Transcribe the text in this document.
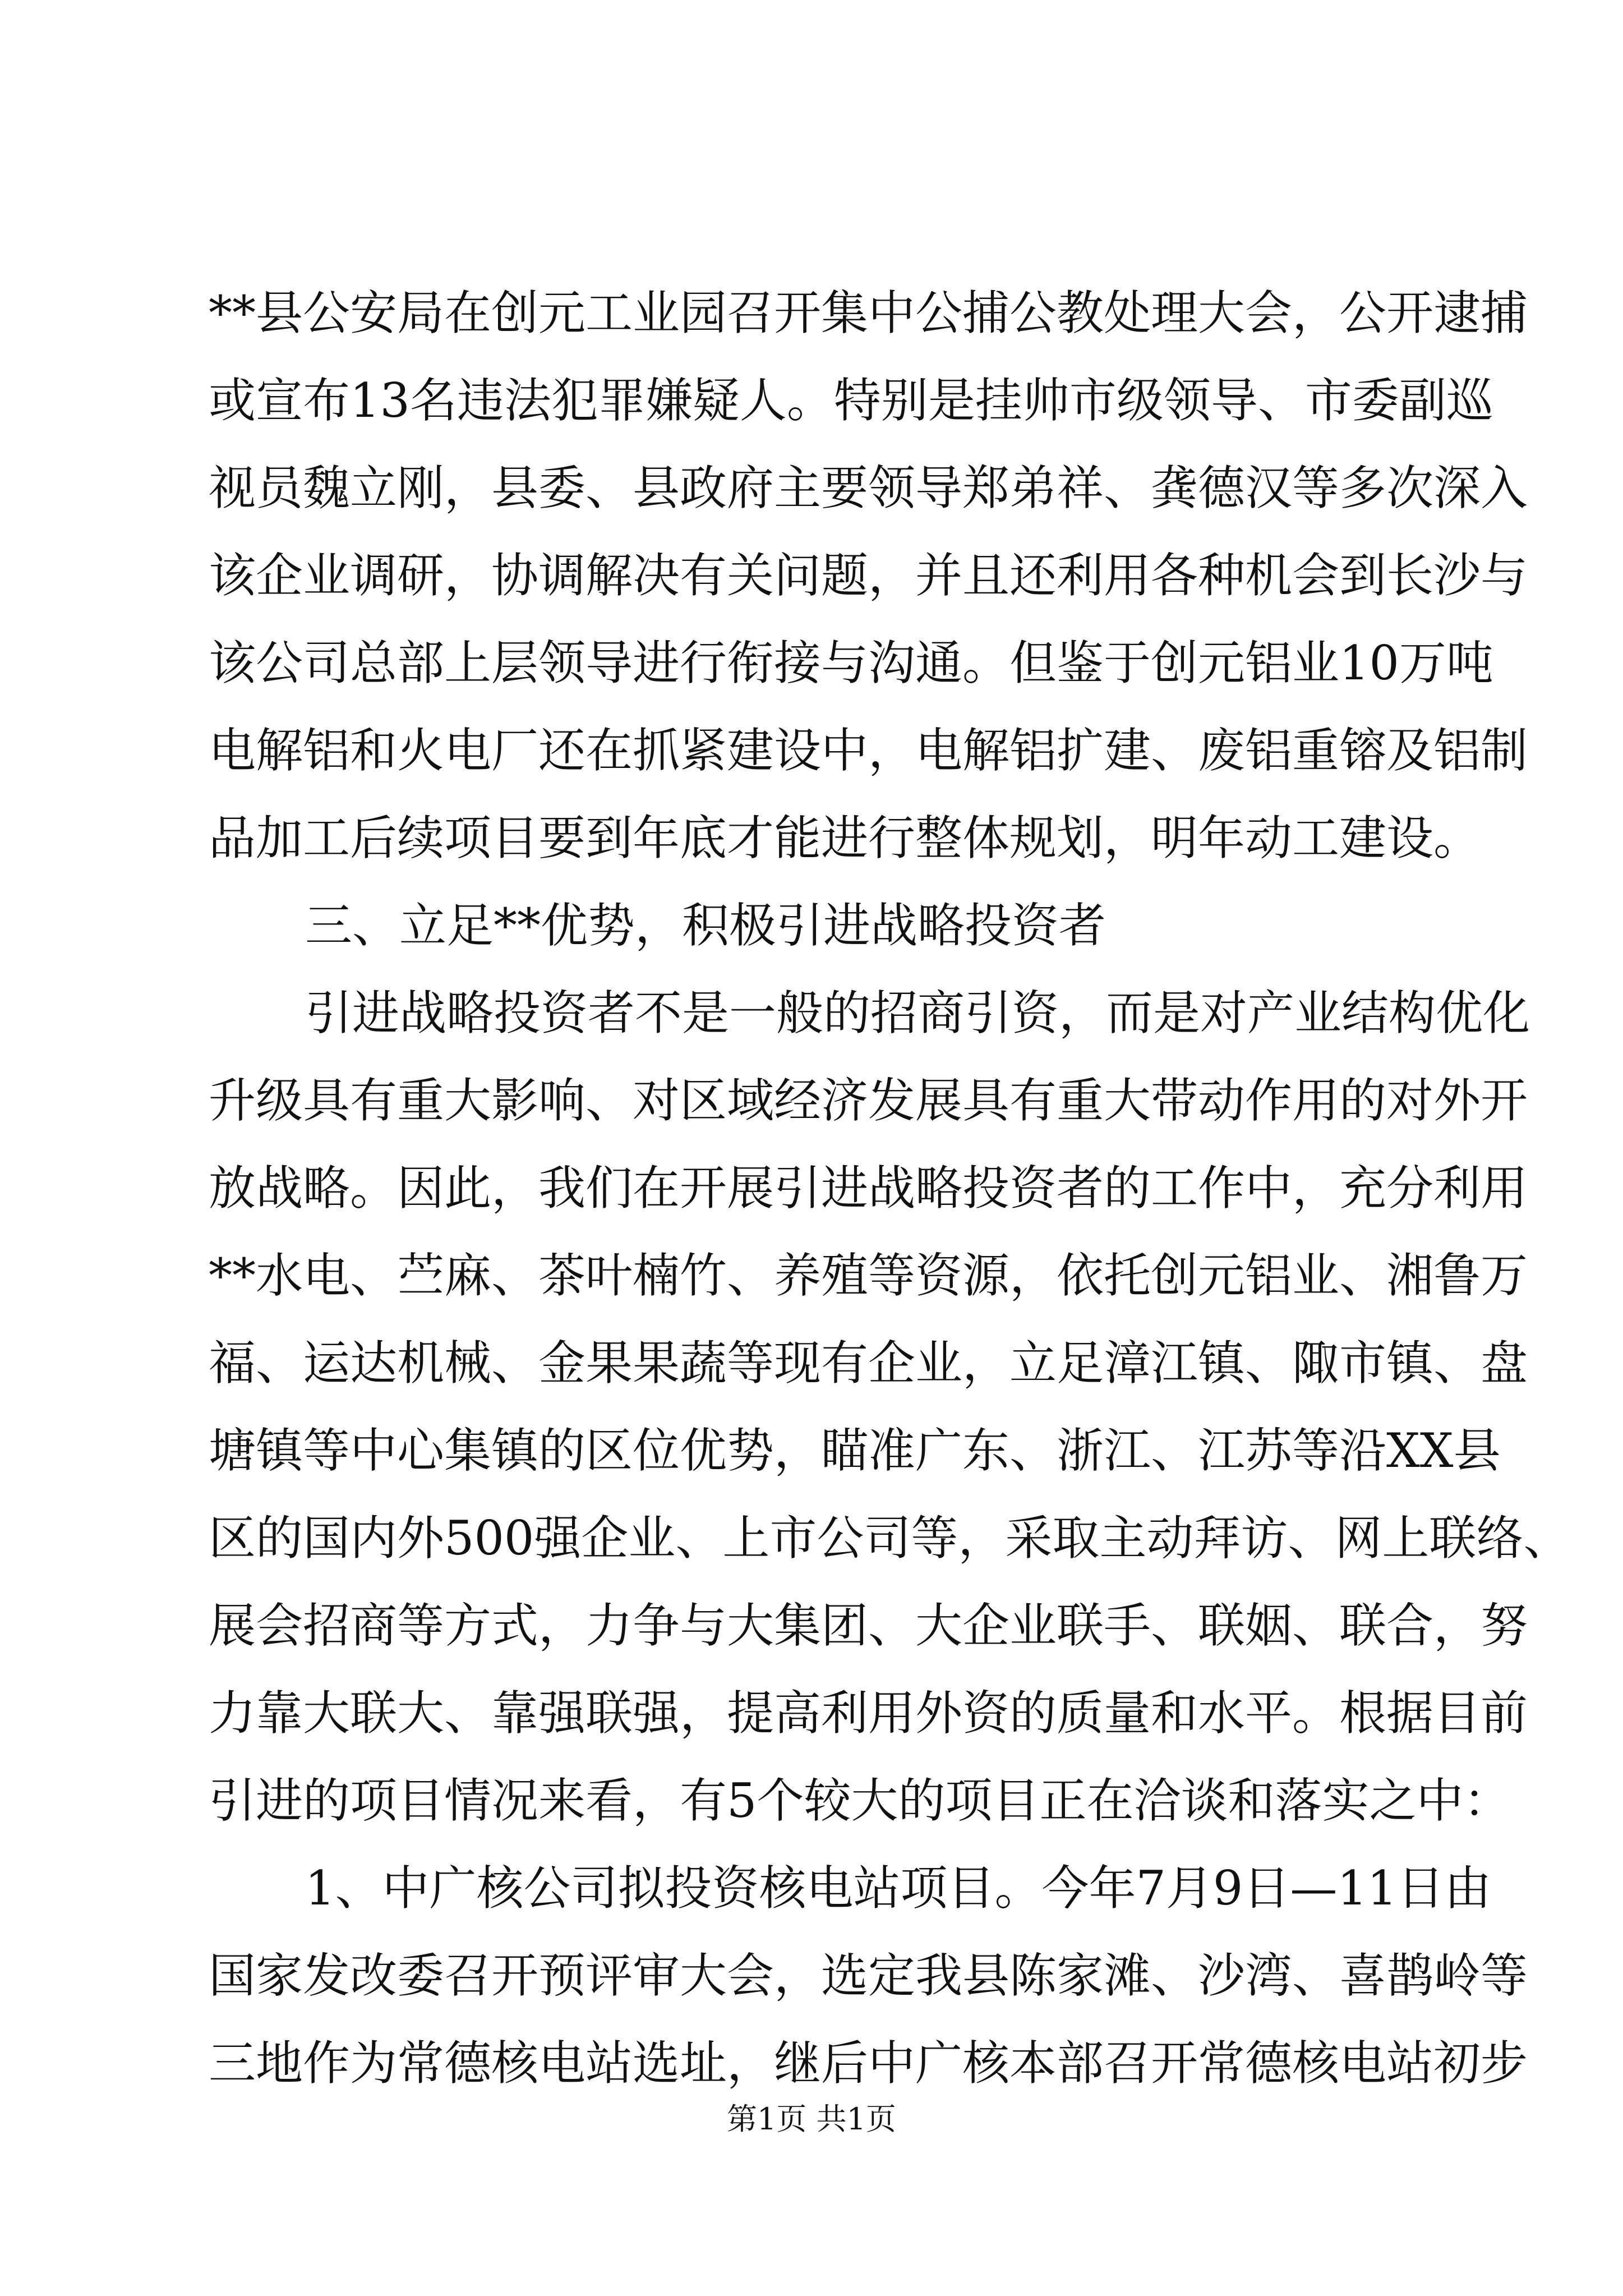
**县公安局在创元工业园召开集中公捕公教处理大会，公开逮捕
或宣布13名违法犯罪嫌疑人。特别是挂帅市级领导、市委副巡
视员魏立刚，县委、县政府主要领导郑弟祥、龚德汉等多次深入
该企业调研，协调解决有关问题，并且还利用各种机会到长沙与
该公司总部上层领导进行衔接与沟通。但鉴于创元铝业10万吨
电解铝和火电厂还在抓紧建设中，电解铝扩建、废铝重镕及铝制
品加工后续项目要到年底才能进行整体规划，明年动工建设。
三、立足**优势，积极引进战略投资者
引进战略投资者不是一般的招商引资，而是对产业结构优化
升级具有重大影响、对区域经济发展具有重大带动作用的对外开
放战略。因此，我们在开展引进战略投资者的工作中，充分利用
**水电、苎麻、茶叶楠竹、养殖等资源，依托创元铝业、湘鲁万
福、运达机械、金果果蔬等现有企业，立足漳江镇、陬市镇、盘
塘镇等中心集镇的区位优势，瞄准广东、浙江、江苏等沿XX县
区的国内外500强企业、上市公司等，采取主动拜访、网上联络、
展会招商等方式，力争与大集团、大企业联手、联姻、联合，努
力靠大联大、靠强联强，提高利用外资的质量和水平。根据目前
引进的项目情况来看，有5个较大的项目正在洽谈和落实之中：
1、中广核公司拟投资核电站项目。今年7月9日—11日由
国家发改委召开预评审大会，选定我县陈家滩、沙湾、喜鹊岭等
三地作为常德核电站选址，继后中广核本部召开常德核电站初步
第1页 共1页
